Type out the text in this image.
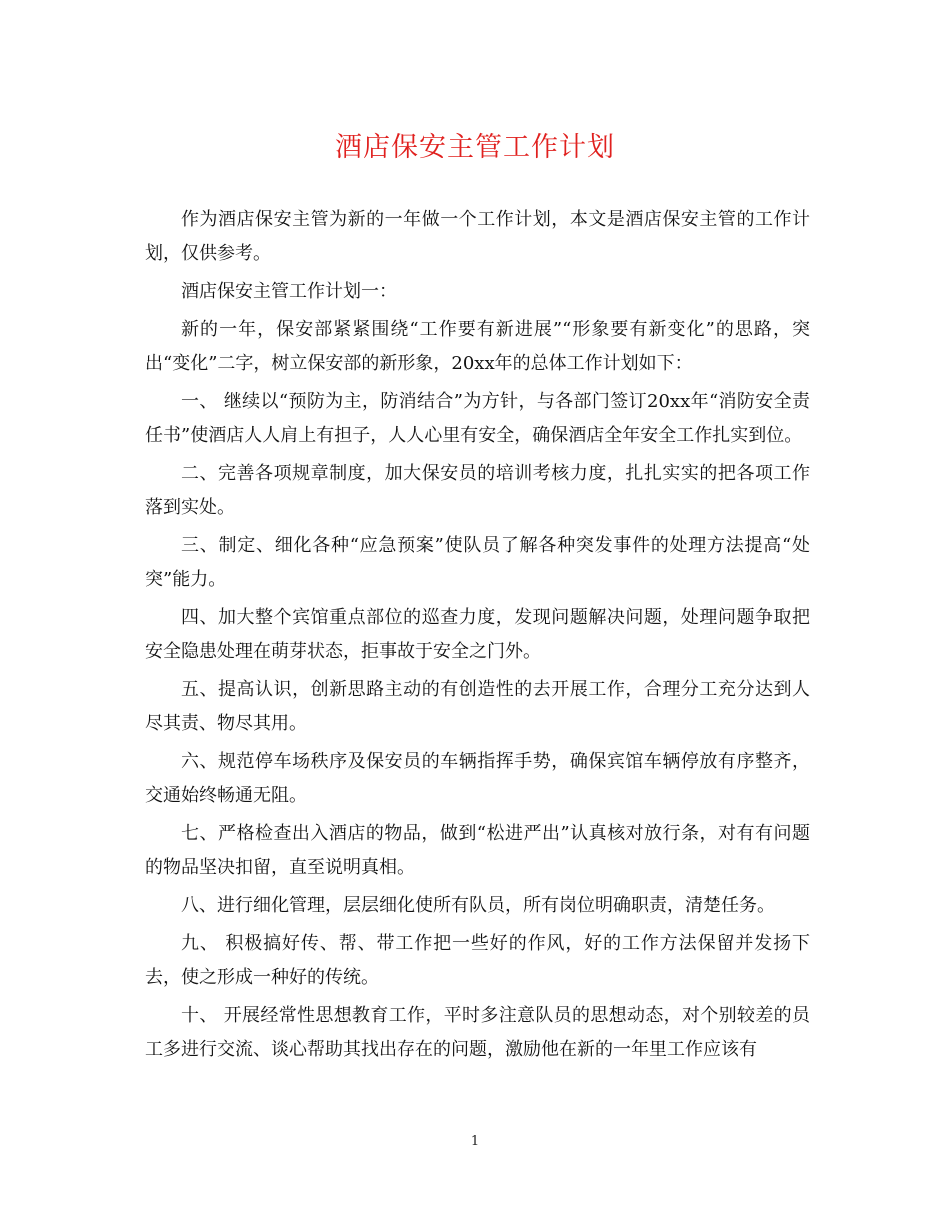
酒店保安主管工作计划

作为酒店保安主管为新的一年做一个工作计划，本文是酒店保安主管的工作计划，仅供参考。

酒店保安主管工作计划一：

新的一年，保安部紧紧围绕“工作要有新进展”“形象要有新变化”的思路，突出“变化”二字，树立保安部的新形象，20xx年的总体工作计划如下：

一、 继续以“预防为主，防消结合”为方针，与各部门签订20xx年“消防安全责任书”使酒店人人肩上有担子，人人心里有安全，确保酒店全年安全工作扎实到位。

二、完善各项规章制度，加大保安员的培训考核力度，扎扎实实的把各项工作落到实处。

三、制定、细化各种“应急预案”使队员了解各种突发事件的处理方法提高“处突”能力。

四、加大整个宾馆重点部位的巡查力度，发现问题解决问题，处理问题争取把安全隐患处理在萌芽状态，拒事故于安全之门外。

五、提高认识，创新思路主动的有创造性的去开展工作，合理分工充分达到人尽其责、物尽其用。

六、规范停车场秩序及保安员的车辆指挥手势，确保宾馆车辆停放有序整齐，交通始终畅通无阻。

七、严格检查出入酒店的物品，做到“松进严出”认真核对放行条，对有有问题的物品坚决扣留，直至说明真相。

八、进行细化管理，层层细化使所有队员，所有岗位明确职责，清楚任务。

九、 积极搞好传、帮、带工作把一些好的作风，好的工作方法保留并发扬下去，使之形成一种好的传统。

十、 开展经常性思想教育工作，平时多注意队员的思想动态，对个别较差的员工多进行交流、谈心帮助其找出存在的问题，激励他在新的一年里工作应该有

1
